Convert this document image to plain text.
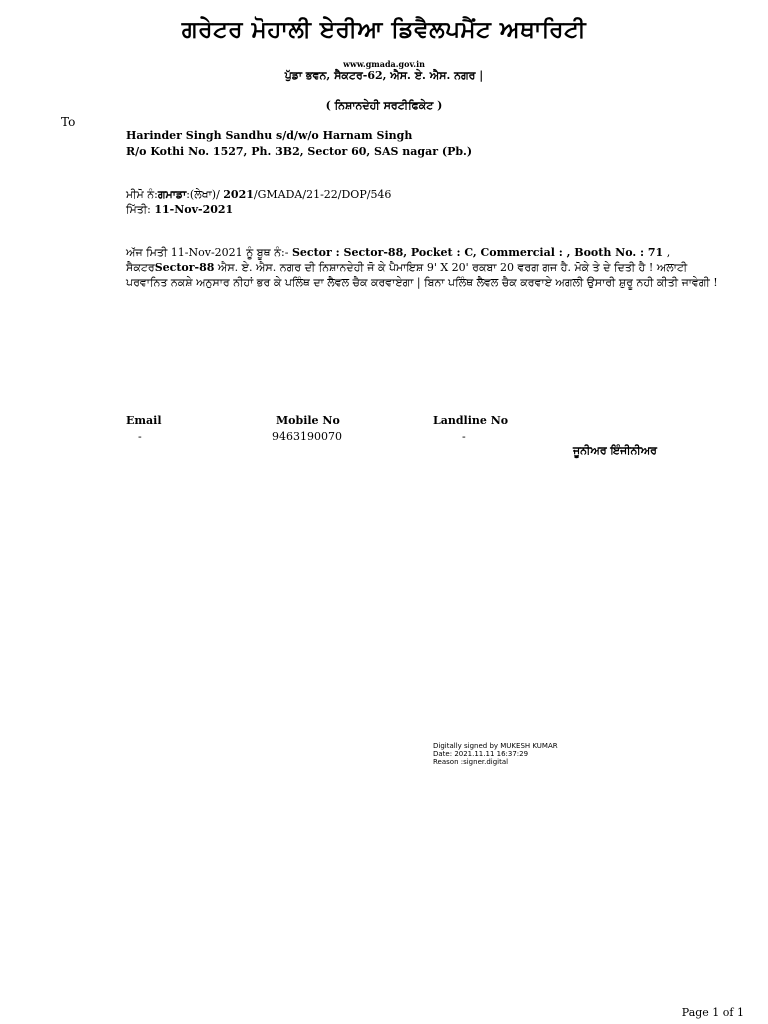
ਗਰੇਟਰ ਮੋਹਾਲੀ ਏਰੀਆ ਡਿਵੈਲਪਮੈਂਟ ਅਥਾਰਿਟੀ
www.gmada.gov.in
ਪੁੱਡਾ ਭਵਨ, ਸੈਕਟਰ-62, ਐਸ. ਏ. ਐਸ. ਨਗਰ |
( ਨਿਸ਼ਾਨਦੇਹੀ ਸਰਟੀਫਿਕੇਟ )
To
Harinder Singh Sandhu s/d/w/o Harnam Singh
R/o Kothi No. 1527, Ph. 3B2, Sector 60, SAS nagar (Pb.)
ਮੀਮੋ ਨੰ:ਗਮਾਡਾ:(ਲੇਖਾ)/ 2021/GMADA/21-22/DOP/546
ਮਿੱਤੀ: 11-Nov-2021
ਅੱਜ ਮਿਤੀ 11-Nov-2021 ਨੂੰ ਬੂਥ ਨੰ:- Sector : Sector-88, Pocket : C, Commercial : , Booth No. : 71 , ਸੈਕਟਰSector-88 ਐਸ. ਏ. ਐਸ. ਨਗਰ ਦੀ ਨਿਸ਼ਾਨਦੇਹੀ ਜੋ ਕੇ ਪੈਮਾਇਸ਼ 9' X 20' ਰਕਬਾ 20 ਵਰਗ ਗਜ ਹੈ. ਮੋਕੇ ਤੇ ਦੇ ਦਿਤੀ ਹੈ ! ਅਲਾਟੀ ਪਰਵਾਨਿਤ ਨਕਸ਼ੇ ਅਨੁਸਾਰ ਨੀਹਾਂ ਭਰ ਕੇ ਪਲਿੰਥ ਦਾ ਲੈਵਲ ਚੈਕ ਕਰਵਾਏਗਾ | ਬਿਨਾ ਪਲਿੰਥ ਲੈਵਲ ਚੈਕ ਕਰਵਾਏ ਅਗਲੀ ਉਸਾਰੀ ਸ਼ੁਰੂ ਨਹੀ ਕੀਤੀ ਜਾਵੇਗੀ !
Email	Mobile No	Landline No
-	9463190070	-
ਜੂਨੀਅਰ ਇੰਜੀਨੀਅਰ
Digitally signed by MUKESH KUMAR
Date: 2021.11.11 16:37:29
Reason :signer.digital
Page 1 of 1
